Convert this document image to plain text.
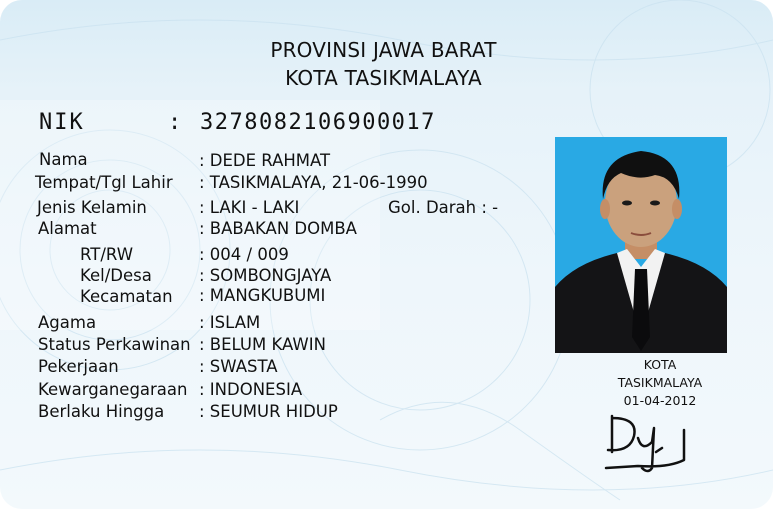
PROVINSI JAWA BARAT
KOTA TASIKMALAYA
NIK	: 3278082106900017
Nama	: DEDE RAHMAT
Tempat/Tgl Lahir : TASIKMALAYA, 21-06-1990
Jenis Kelamin	: LAKI - LAKI	Gol. Darah : -
Alamat	: BABAKAN DOMBA
RT/RW	: 004 / 009
Kel/Desa	: SOMBONGJAYA
Kecamatan : MANGKUBUMI
Agama	: ISLAM
Status Perkawinan : BELUM KAWIN
Pekerjaan	: SWASTA
Kewarganegaraan : INDONESIA
Berlaku Hingga : SEUMUR HIDUP
KOTA
TASIKMALAYA
01-04-2012
